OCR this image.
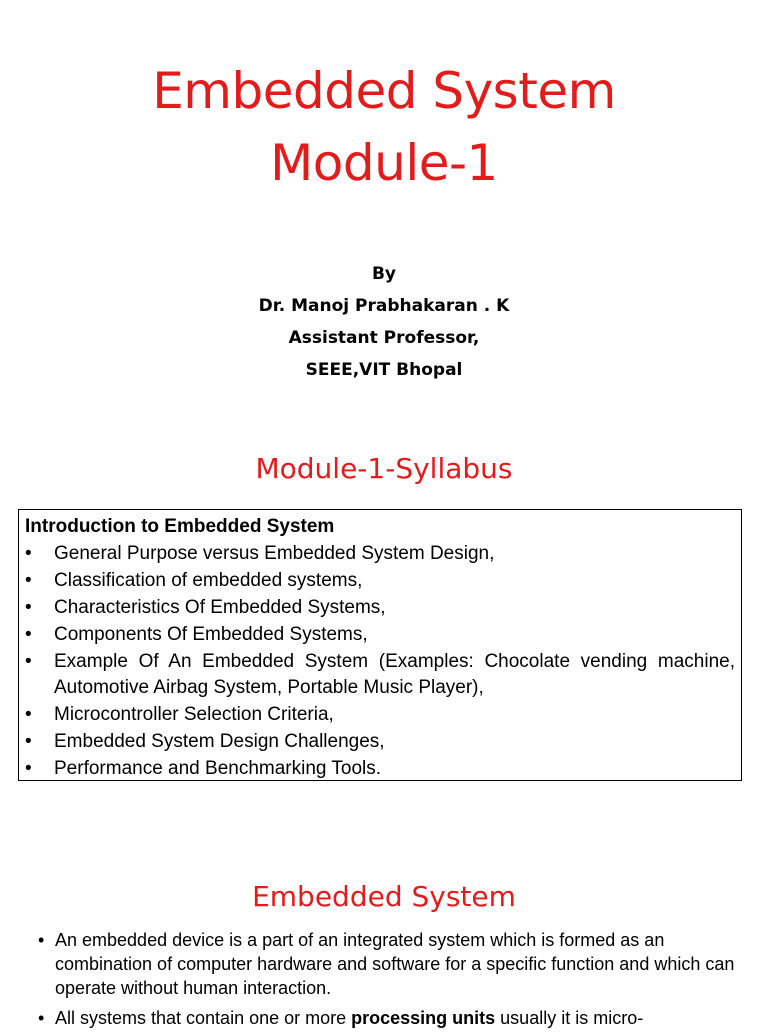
Embedded System
Module-1
By
Dr. Manoj Prabhakaran . K
Assistant Professor,
SEEE,VIT Bhopal
Module-1-Syllabus
Introduction to Embedded System
•	General Purpose versus Embedded System Design,
•	Classification of embedded systems,
•	Characteristics Of Embedded Systems,
•	Components Of Embedded Systems,
•	Example Of An Embedded System (Examples: Chocolate vending machine, Automotive Airbag System, Portable Music Player),
•	Microcontroller Selection Criteria,
•	Embedded System Design Challenges,
•	Performance and Benchmarking Tools.
Embedded System
• An embedded device is a part of an integrated system which is formed as an combination of computer hardware and software for a specific function and which can operate without human interaction.
• All systems that contain one or more processing units usually it is micro-
